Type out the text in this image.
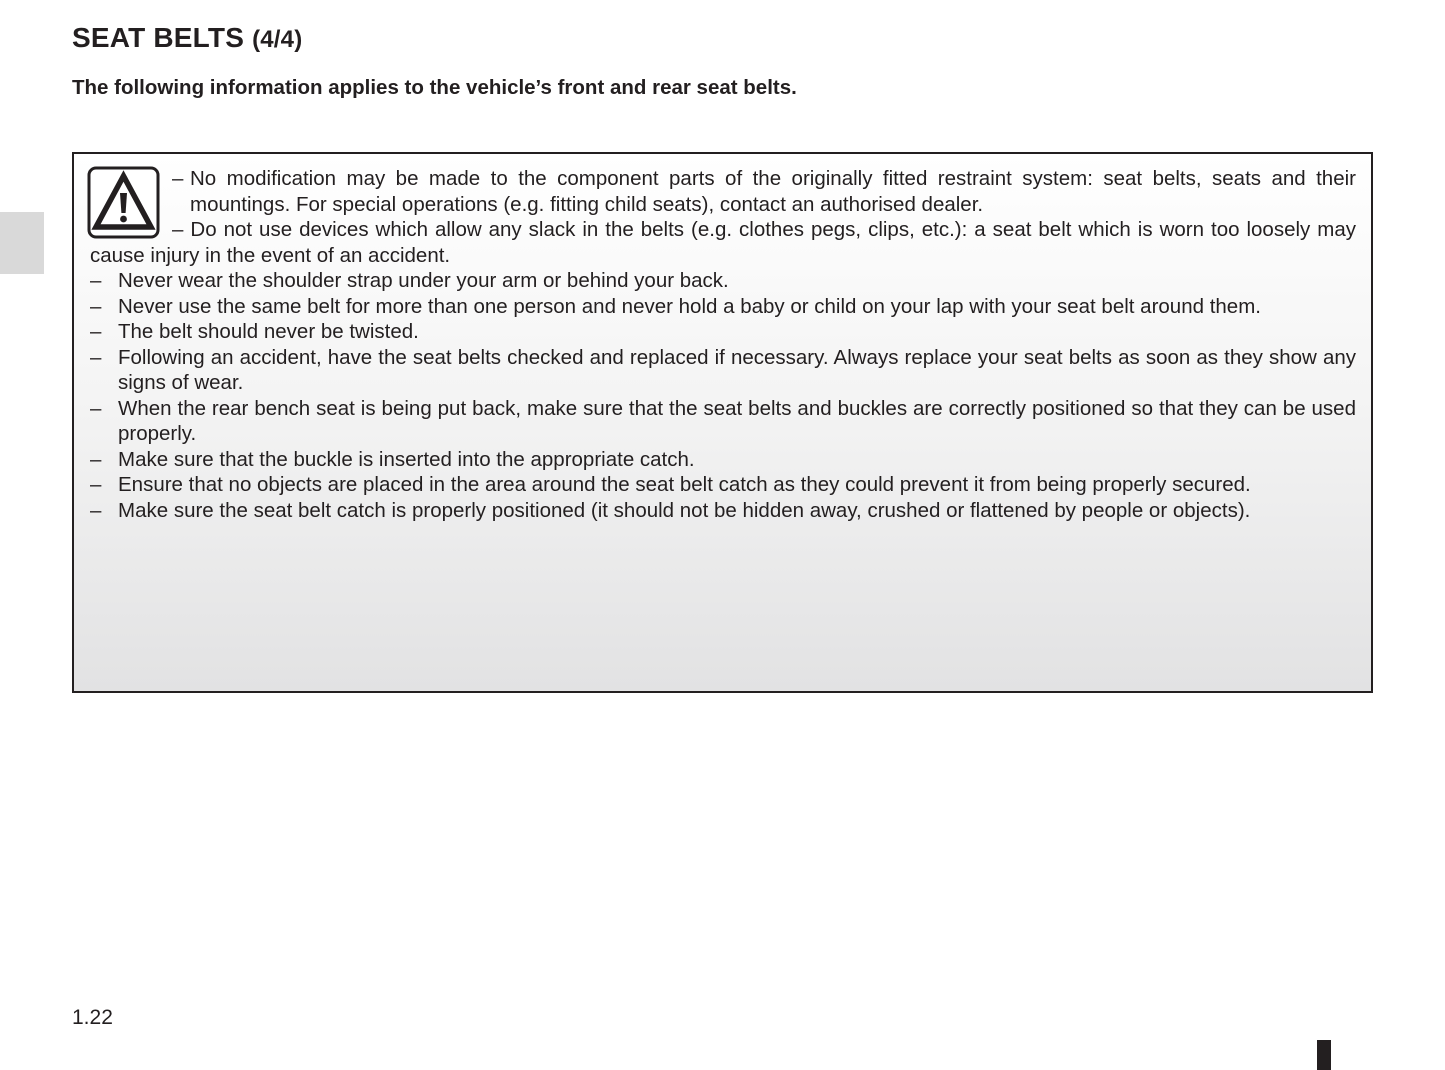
SEAT BELTS (4/4)

The following information applies to the vehicle’s front and rear seat belts.

– No modification may be made to the component parts of the originally fitted restraint system: seat belts, seats and their mountings. For special operations (e.g. fitting child seats), contact an authorised dealer.

– Do not use devices which allow any slack in the belts (e.g. clothes pegs, clips, etc.): a seat belt which is worn too loosely may cause injury in the event of an accident.

– Never wear the shoulder strap under your arm or behind your back.
– Never use the same belt for more than one person and never hold a baby or child on your lap with your seat belt around them.
– The belt should never be twisted.
– Following an accident, have the seat belts checked and replaced if necessary. Always replace your seat belts as soon as they show any signs of wear.
– When the rear bench seat is being put back, make sure that the seat belts and buckles are correctly positioned so that they can be used properly.
– Make sure that the buckle is inserted into the appropriate catch.
– Ensure that no objects are placed in the area around the seat belt catch as they could prevent it from being properly secured.
– Make sure the seat belt catch is properly positioned (it should not be hidden away, crushed or flattened by people or objects).
1.22
